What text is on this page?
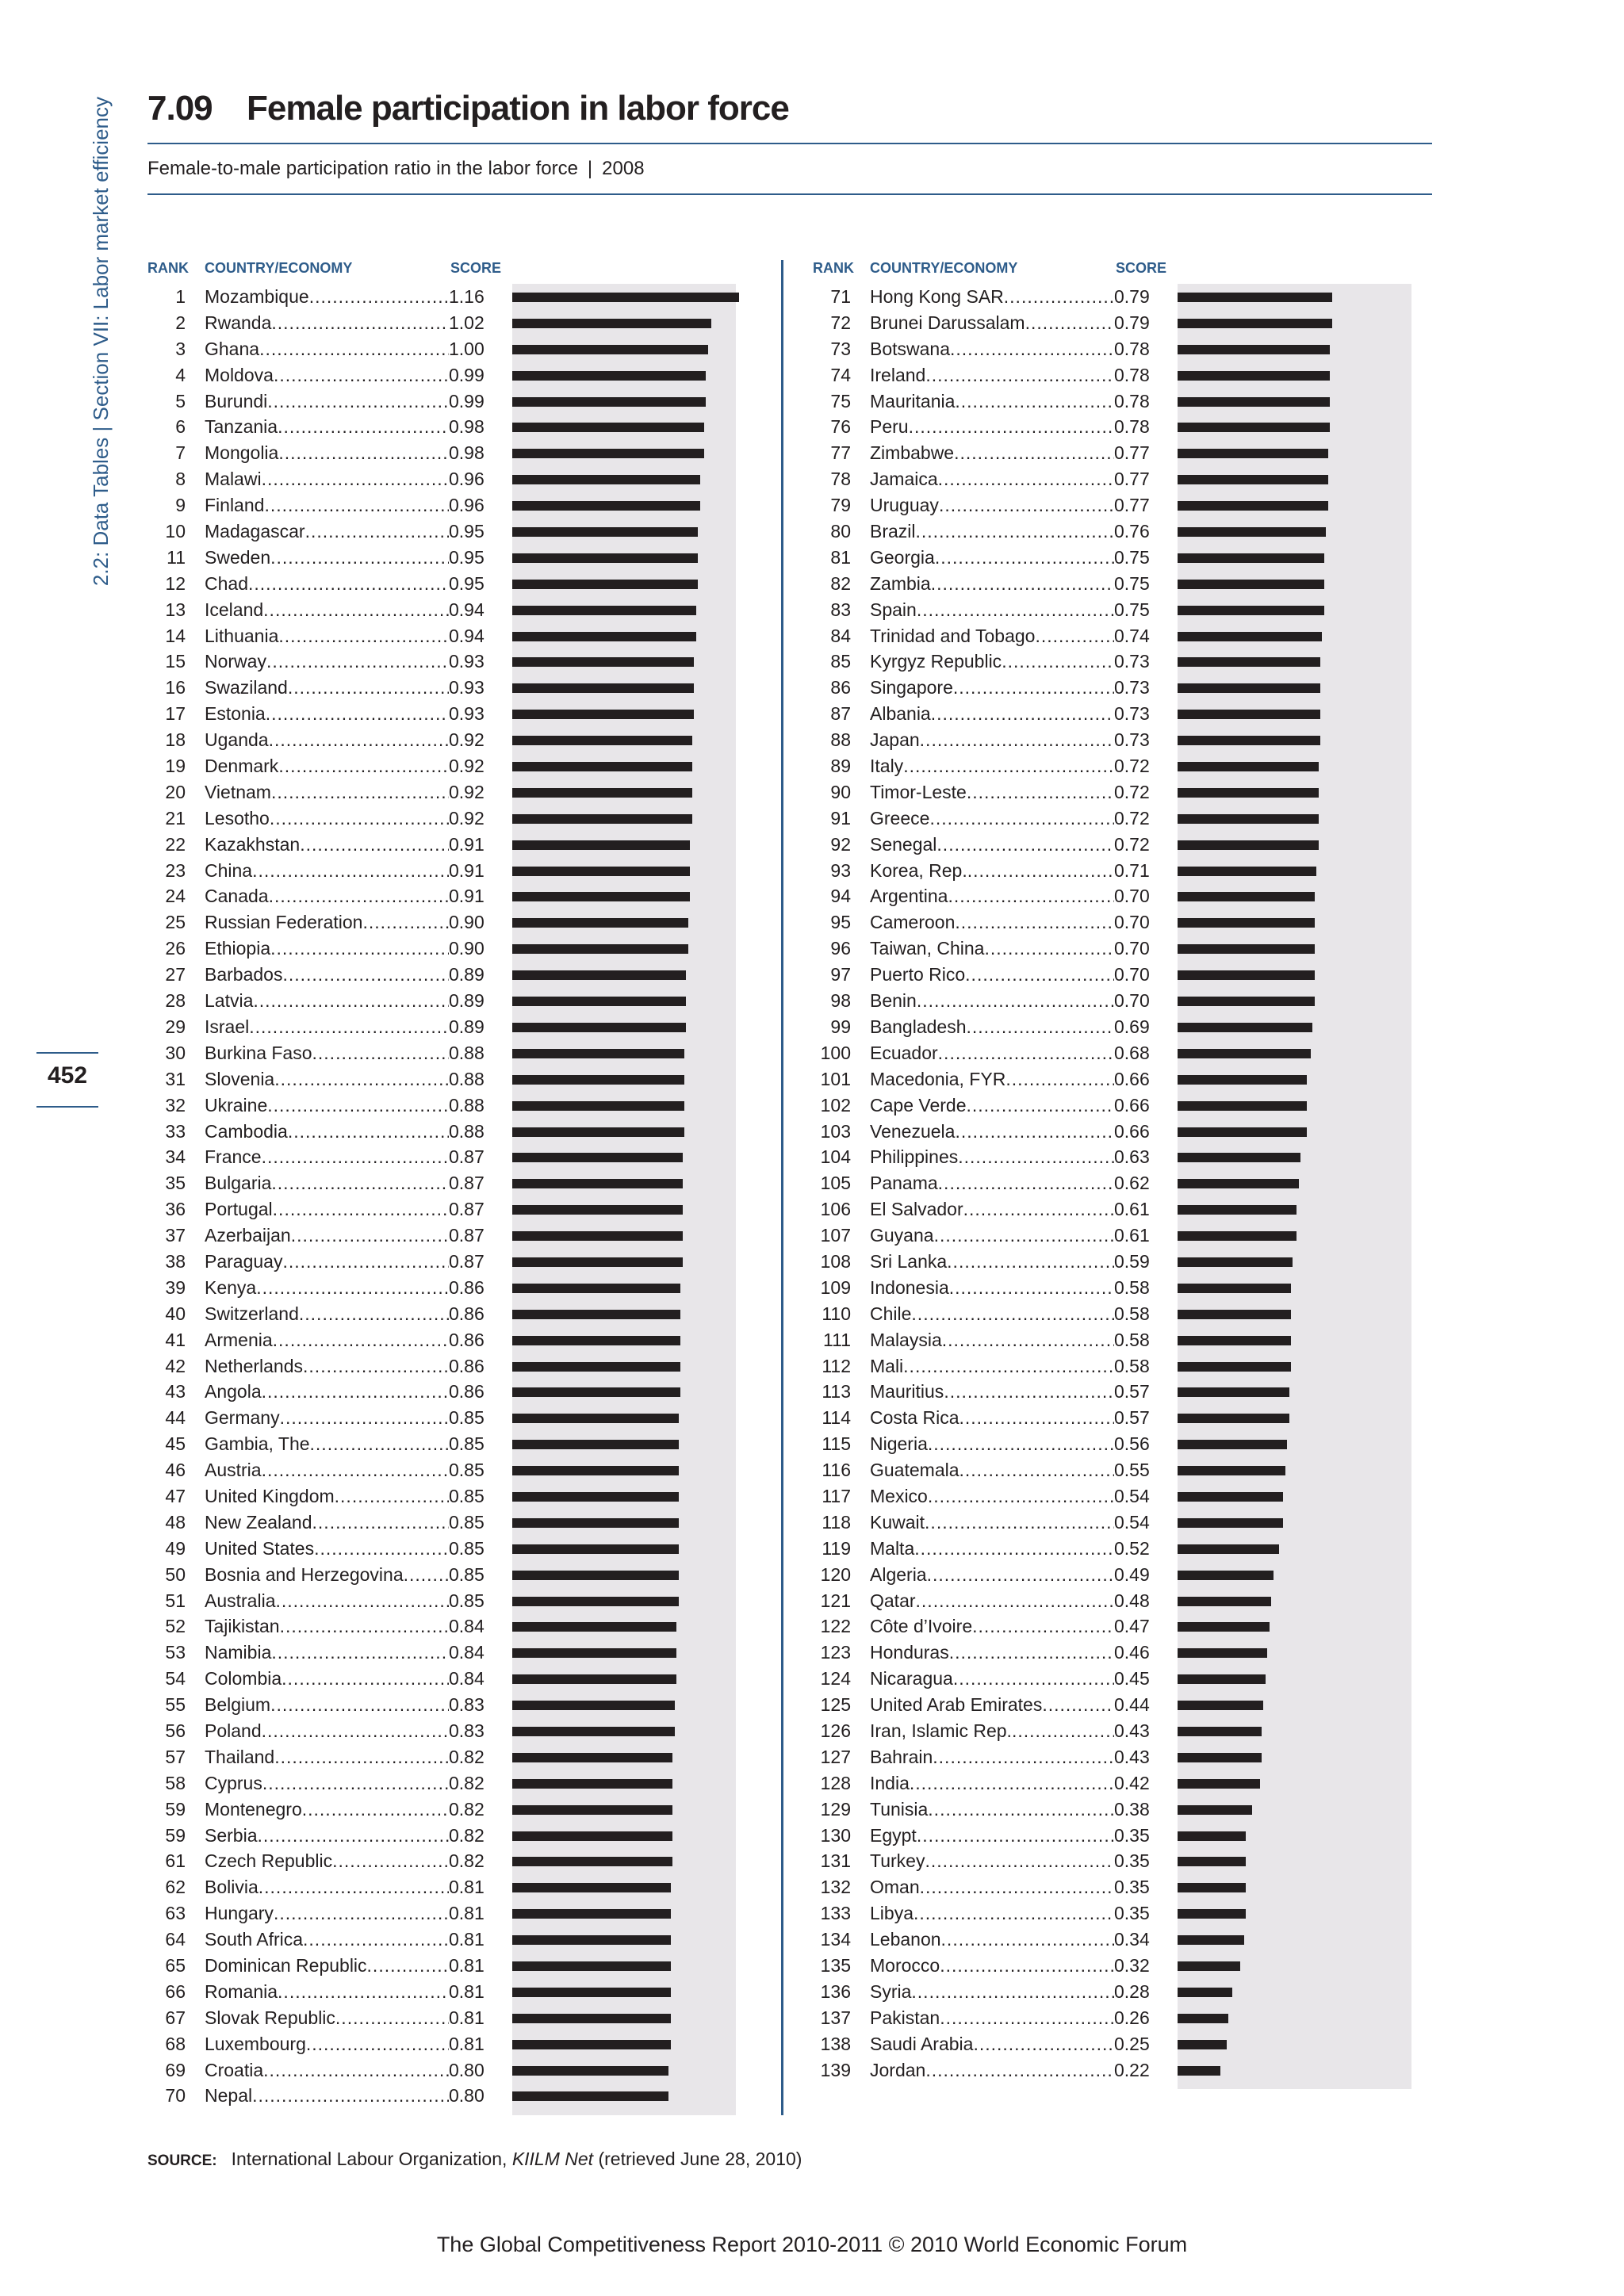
2.2: Data Tables | Section VII: Labor market efficiency
452
7.09 Female participation in labor force
Female-to-male participation ratio in the labor force | 2008
RANK COUNTRY/ECONOMY	SCORE
1 Mozambique .....	1.16
2 Rwanda .....	1.02
3 Ghana .....	1.00
4 Moldova .....	0.99
5 Burundi .....	0.99
6 Tanzania .....	0.98
7 Mongolia .....	0.98
8 Malawi .....	0.96
9 Finland .....	0.96
10 Madagascar .....	0.95
11 Sweden .....	0.95
12 Chad .....	0.95
13 Iceland .....	0.94
14 Lithuania .....	0.94
15 Norway .....	0.93
16 Swaziland .....	0.93
17 Estonia .....	0.93
18 Uganda .....	0.92
19 Denmark .....	0.92
20 Vietnam .....	0.92
21 Lesotho .....	0.92
22 Kazakhstan .....	0.91
23 China .....	0.91
24 Canada .....	0.91
25 Russian Federation .....	0.90
26 Ethiopia .....	0.90
27 Barbados .....	0.89
28 Latvia .....	0.89
29 Israel .....	0.89
30 Burkina Faso .....	0.88
31 Slovenia .....	0.88
32 Ukraine .....	0.88
33 Cambodia .....	0.88
34 France .....	0.87
35 Bulgaria .....	0.87
36 Portugal .....	0.87
37 Azerbaijan .....	0.87
38 Paraguay .....	0.87
39 Kenya .....	0.86
40 Switzerland .....	0.86
41 Armenia .....	0.86
42 Netherlands .....	0.86
43 Angola .....	0.86
44 Germany .....	0.85
45 Gambia, The .....	0.85
46 Austria .....	0.85
47 United Kingdom .....	0.85
48 New Zealand .....	0.85
49 United States .....	0.85
50 Bosnia and Herzegovina .....	0.85
51 Australia .....	0.85
52 Tajikistan .....	0.84
53 Namibia .....	0.84
54 Colombia .....	0.84
55 Belgium .....	0.83
56 Poland .....	0.83
57 Thailand .....	0.82
58 Cyprus .....	0.82
59 Montenegro .....	0.82
59 Serbia .....	0.82
61 Czech Republic .....	0.82
62 Bolivia .....	0.81
63 Hungary .....	0.81
64 South Africa .....	0.81
65 Dominican Republic .....	0.81
66 Romania .....	0.81
67 Slovak Republic .....	0.81
68 Luxembourg .....	0.81
69 Croatia .....	0.80
70 Nepal .....	0.80
RANK COUNTRY/ECONOMY	SCORE
71 Hong Kong SAR .....	0.79
72 Brunei Darussalam .....	0.79
73 Botswana .....	0.78
74 Ireland .....	0.78
75 Mauritania .....	0.78
76 Peru .....	0.78
77 Zimbabwe .....	0.77
78 Jamaica .....	0.77
79 Uruguay .....	0.77
80 Brazil .....	0.76
81 Georgia .....	0.75
82 Zambia .....	0.75
83 Spain .....	0.75
84 Trinidad and Tobago .....	0.74
85 Kyrgyz Republic .....	0.73
86 Singapore .....	0.73
87 Albania .....	0.73
88 Japan .....	0.73
89 Italy .....	0.72
90 Timor-Leste .....	0.72
91 Greece .....	0.72
92 Senegal .....	0.72
93 Korea, Rep. .....	0.71
94 Argentina .....	0.70
95 Cameroon .....	0.70
96 Taiwan, China .....	0.70
97 Puerto Rico .....	0.70
98 Benin .....	0.70
99 Bangladesh .....	0.69
100 Ecuador .....	0.68
101 Macedonia, FYR .....	0.66
102 Cape Verde .....	0.66
103 Venezuela .....	0.66
104 Philippines .....	0.63
105 Panama .....	0.62
106 El Salvador .....	0.61
107 Guyana .....	0.61
108 Sri Lanka .....	0.59
109 Indonesia .....	0.58
110 Chile .....	0.58
111 Malaysia .....	0.58
112 Mali .....	0.58
113 Mauritius .....	0.57
114 Costa Rica .....	0.57
115 Nigeria .....	0.56
116 Guatemala .....	0.55
117 Mexico .....	0.54
118 Kuwait .....	0.54
119 Malta .....	0.52
120 Algeria .....	0.49
121 Qatar .....	0.48
122 Côte d’Ivoire .....	0.47
123 Honduras .....	0.46
124 Nicaragua .....	0.45
125 United Arab Emirates .....	0.44
126 Iran, Islamic Rep. .....	0.43
127 Bahrain .....	0.43
128 India .....	0.42
129 Tunisia .....	0.38
130 Egypt .....	0.35
131 Turkey .....	0.35
132 Oman .....	0.35
133 Libya .....	0.35
134 Lebanon .....	0.34
135 Morocco .....	0.32
136 Syria .....	0.28
137 Pakistan .....	0.26
138 Saudi Arabia .....	0.25
139 Jordan .....	0.22
SOURCE: International Labour Organization, KIILM Net (retrieved June 28, 2010)
The Global Competitiveness Report 2010-2011 © 2010 World Economic Forum
